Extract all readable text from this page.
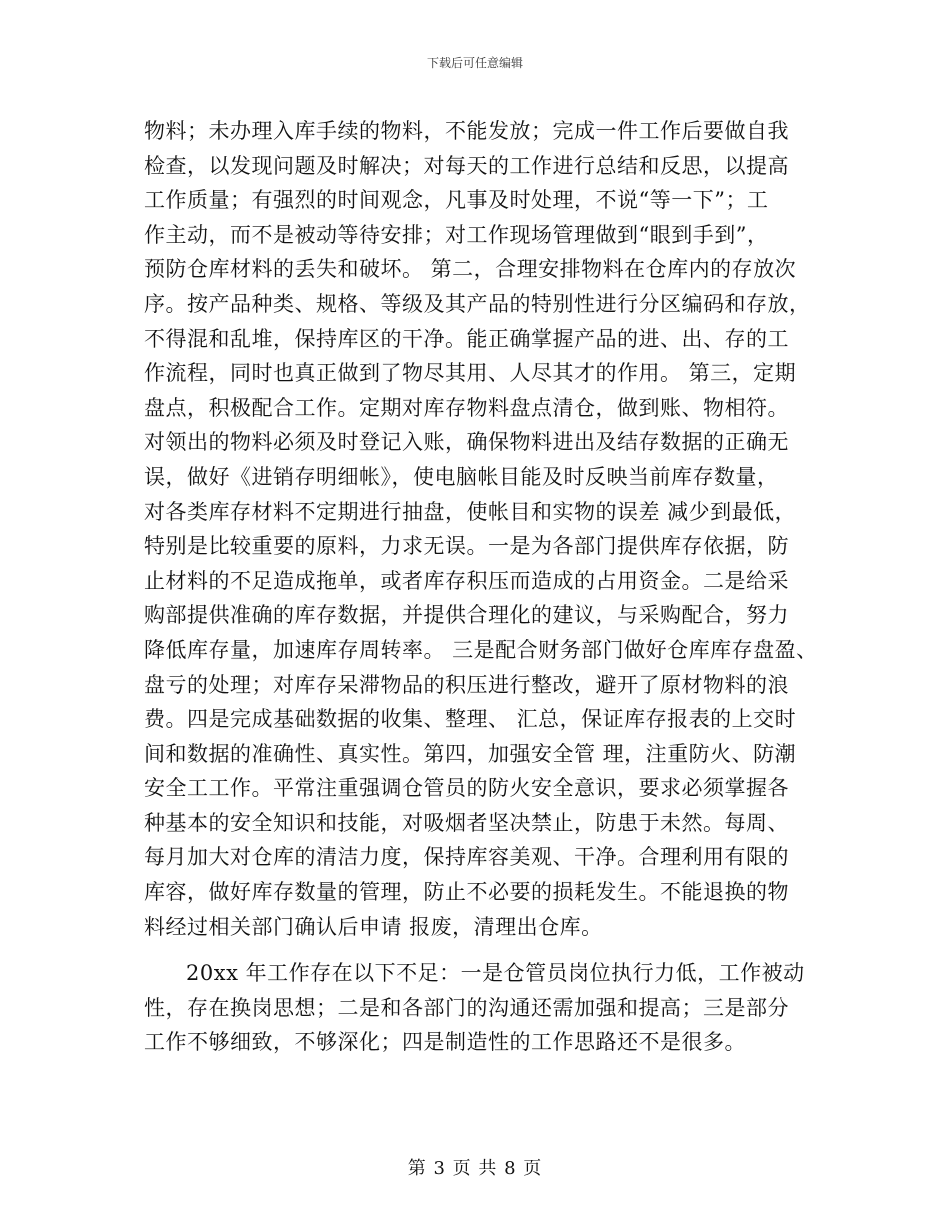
下载后可任意编辑
物料；未办理入库手续的物料，不能发放；完成一件工作后要做自我
检查，以发现问题及时解决；对每天的工作进行总结和反思，以提高
工作质量；有强烈的时间观念，凡事及时处理，不说“等一下”；工
作主动，而不是被动等待安排；对工作现场管理做到“眼到手到”，
预防仓库材料的丢失和破坏。 第二，合理安排物料在仓库内的存放次
序。按产品种类、规格、等级及其产品的特别性进行分区编码和存放，
不得混和乱堆，保持库区的干净。能正确掌握产品的进、出、存的工
作流程，同时也真正做到了物尽其用、人尽其才的作用。 第三，定期
盘点，积极配合工作。定期对库存物料盘点清仓，做到账、物相符。
对领出的物料必须及时登记入账，确保物料进出及结存数据的正确无
误，做好《进销存明细帐》，使电脑帐目能及时反映当前库存数量，
对各类库存材料不定期进行抽盘，使帐目和实物的误差 减少到最低，
特别是比较重要的原料，力求无误。一是为各部门提供库存依据，防
止材料的不足造成拖单，或者库存积压而造成的占用资金。二是给采
购部提供准确的库存数据，并提供合理化的建议，与采购配合，努力
降低库存量，加速库存周转率。 三是配合财务部门做好仓库库存盘盈、
盘亏的处理；对库存呆滞物品的积压进行整改，避开了原材物料的浪
费。四是完成基础数据的收集、整理、 汇总，保证库存报表的上交时
间和数据的准确性、真实性。第四，加强安全管 理，注重防火、防潮
安全工工作。平常注重强调仓管员的防火安全意识，要求必须掌握各
种基本的安全知识和技能，对吸烟者坚决禁止，防患于未然。每周、
每月加大对仓库的清洁力度，保持库容美观、干净。合理利用有限的
库容，做好库存数量的管理，防止不必要的损耗发生。不能退换的物
料经过相关部门确认后申请 报废，清理出仓库。
20xx 年工作存在以下不足：一是仓管员岗位执行力低，工作被动
性，存在换岗思想；二是和各部门的沟通还需加强和提高；三是部分
工作不够细致，不够深化；四是制造性的工作思路还不是很多。
第 3 页 共 8 页
